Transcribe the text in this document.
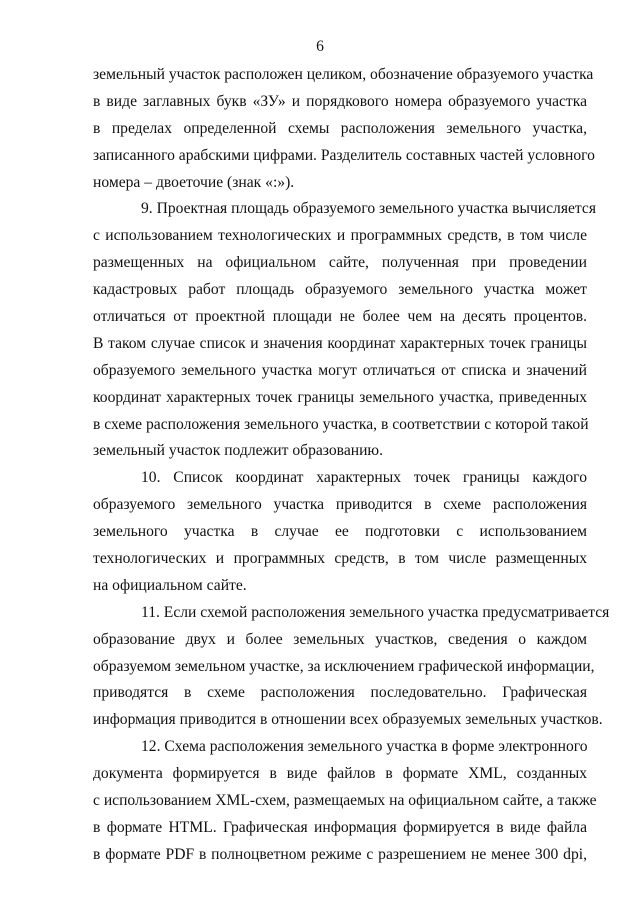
6
земельный участок расположен целиком, обозначение образуемого участка
в виде заглавных букв «ЗУ» и порядкового номера образуемого участка
в пределах определенной схемы расположения земельного участка,
записанного арабскими цифрами. Разделитель составных частей условного
номера – двоеточие (знак «:»).
9. Проектная площадь образуемого земельного участка вычисляется
с использованием технологических и программных средств, в том числе
размещенных на официальном сайте, полученная при проведении
кадастровых работ площадь образуемого земельного участка может
отличаться от проектной площади не более чем на десять процентов.
В таком случае список и значения координат характерных точек границы
образуемого земельного участка могут отличаться от списка и значений
координат характерных точек границы земельного участка, приведенных
в схеме расположения земельного участка, в соответствии с которой такой
земельный участок подлежит образованию.
10. Список координат характерных точек границы каждого
образуемого земельного участка приводится в схеме расположения
земельного участка в случае ее подготовки с использованием
технологических и программных средств, в том числе размещенных
на официальном сайте.
11. Если схемой расположения земельного участка предусматривается
образование двух и более земельных участков, сведения о каждом
образуемом земельном участке, за исключением графической информации,
приводятся в схеме расположения последовательно. Графическая
информация приводится в отношении всех образуемых земельных участков.
12. Схема расположения земельного участка в форме электронного
документа формируется в виде файлов в формате XML, созданных
с использованием XML-схем, размещаемых на официальном сайте, а также
в формате HTML. Графическая информация формируется в виде файла
в формате PDF в полноцветном режиме с разрешением не менее 300 dpi,
